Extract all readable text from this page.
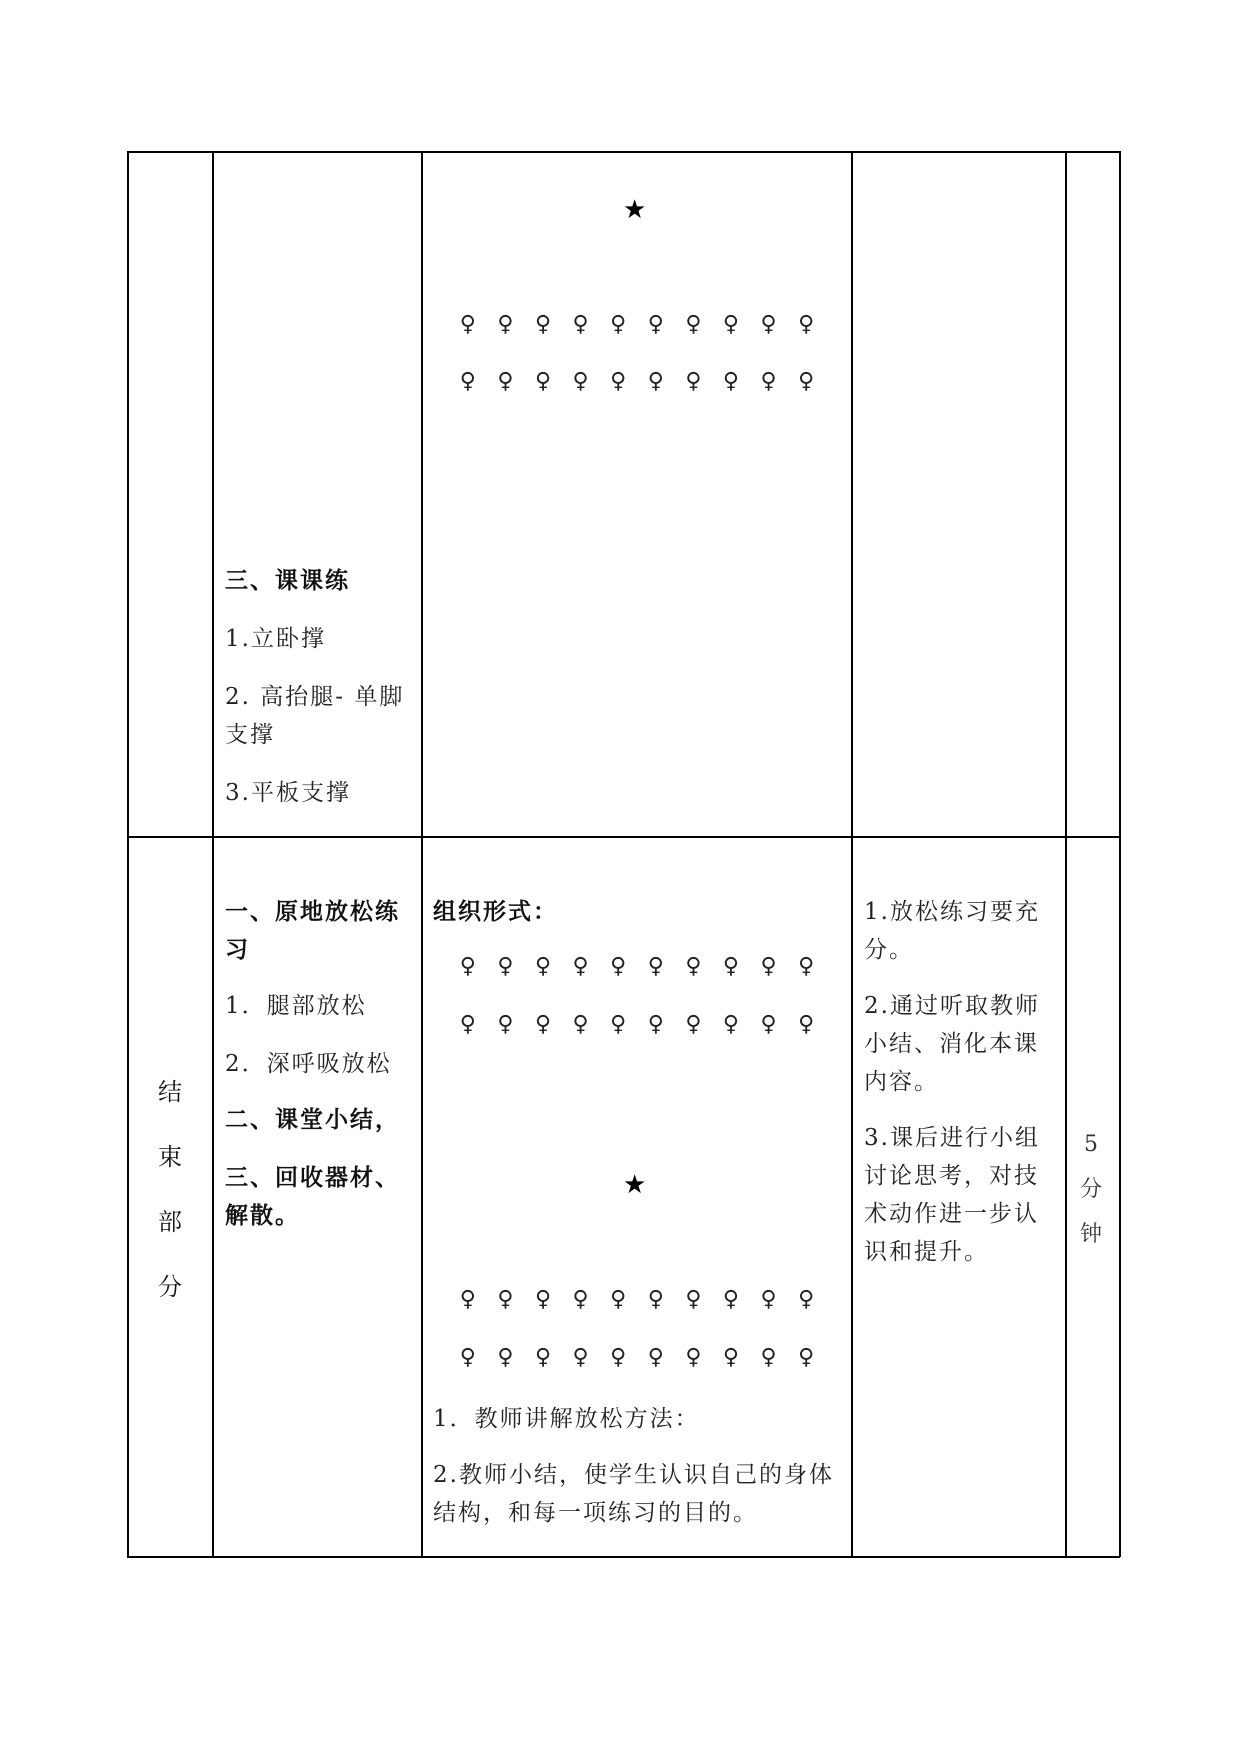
★
♀ ♀ ♀ ♀ ♀ ♀ ♀ ♀ ♀ ♀
♀ ♀ ♀ ♀ ♀ ♀ ♀ ♀ ♀ ♀
三、课课练
1.立卧撑
2. 高抬腿- 单脚支撑
3.平板支撑
结
束
部
分
一、原地放松练习
1．腿部放松
2．深呼吸放松
二、课堂小结，
三、回收器材、解散。
组织形式：
♀ ♀ ♀ ♀ ♀ ♀ ♀ ♀ ♀ ♀
♀ ♀ ♀ ♀ ♀ ♀ ♀ ♀ ♀ ♀
★
♀ ♀ ♀ ♀ ♀ ♀ ♀ ♀ ♀ ♀
♀ ♀ ♀ ♀ ♀ ♀ ♀ ♀ ♀ ♀
1．教师讲解放松方法：
2.教师小结，使学生认识自己的身体结构，和每一项练习的目的。
1.放松练习要充分。
2.通过听取教师小结、消化本课内容。
3.课后进行小组讨论思考，对技术动作进一步认识和提升。
5
分
钟
